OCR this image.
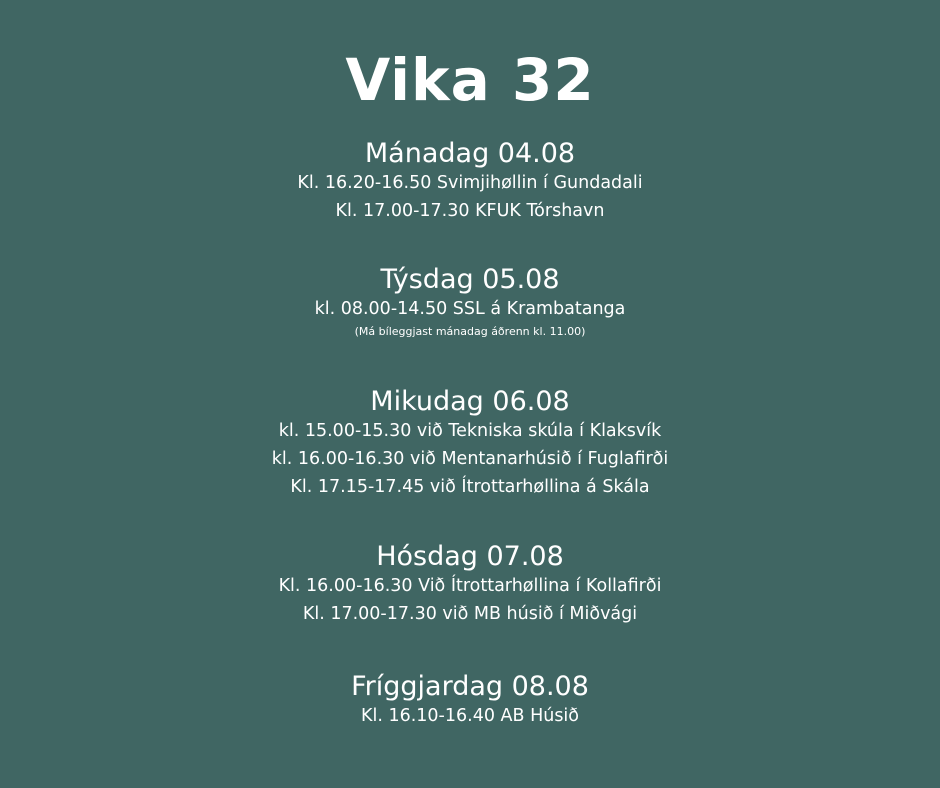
Vika 32
Mánadag 04.08
Kl. 16.20-16.50 Svimjihøllin í Gundadali
Kl. 17.00-17.30 KFUK Tórshavn
Týsdag 05.08
kl. 08.00-14.50 SSL á Krambatanga
(Má bíleggjast mánadag áðrenn kl. 11.00)
Mikudag 06.08
kl. 15.00-15.30 við Tekniska skúla í Klaksvík
kl. 16.00-16.30 við Mentanarhúsið í Fuglafirði
Kl. 17.15-17.45 við Ítrottarhøllina á Skála
Hósdag 07.08
Kl. 16.00-16.30 Við Ítrottarhøllina í Kollafirði
Kl. 17.00-17.30 við MB húsið í Miðvági
Fríggjardag 08.08
Kl. 16.10-16.40 AB Húsið
